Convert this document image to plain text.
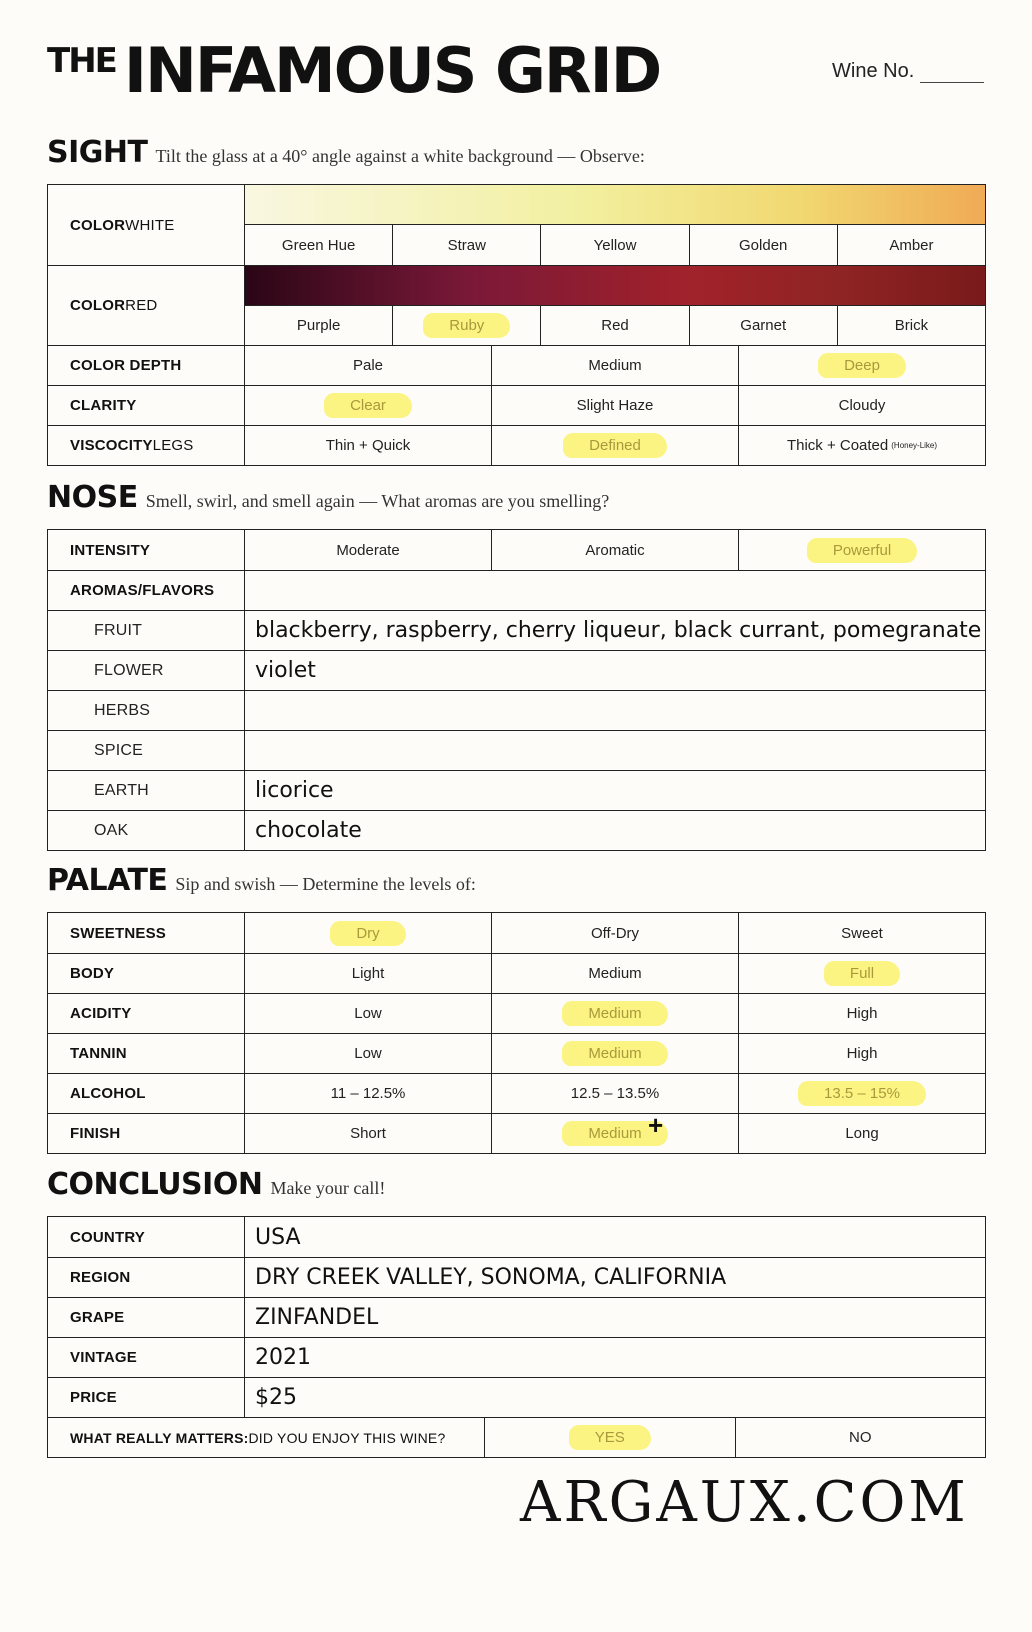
THE INFAMOUS GRID	Wine No.
SIGHT Tilt the glass at a 40° angle against a white background — Observe:
COLOR WHITE
Green Hue	Straw	Yellow	Golden	Amber
COLOR RED
Purple	Ruby	Red	Garnet	Brick
COLOR DEPTH	Pale	Medium	Deep
CLARITY	Clear	Slight Haze	Cloudy
VISCOCITY LEGS	Thin + Quick	Defined	Thick + Coated (Honey-Like)
NOSE Smell, swirl, and smell again — What aromas are you smelling?
INTENSITY	Moderate	Aromatic	Powerful
AROMAS/FLAVORS
FRUIT	blackberry, raspberry, cherry liqueur, black currant, pomegranate
FLOWER	violet
HERBS
SPICE
EARTH	licorice
OAK	chocolate
PALATE Sip and swish — Determine the levels of:
SWEETNESS	Dry	Off-Dry	Sweet
BODY	Light	Medium	Full
ACIDITY	Low	Medium	High
TANNIN	Low	Medium	High
ALCOHOL	11 – 12.5%	12.5 – 13.5%	13.5 – 15%
FINISH	Short	Medium	Long
+
CONCLUSION Make your call!
COUNTRY	USA
REGION	DRY CREEK VALLEY, SONOMA, CALIFORNIA
GRAPE	ZINFANDEL
VINTAGE	2021
PRICE	$25
WHAT REALLY MATTERS: DID YOU ENJOY THIS WINE?	YES	NO
ARGAUX.COM
